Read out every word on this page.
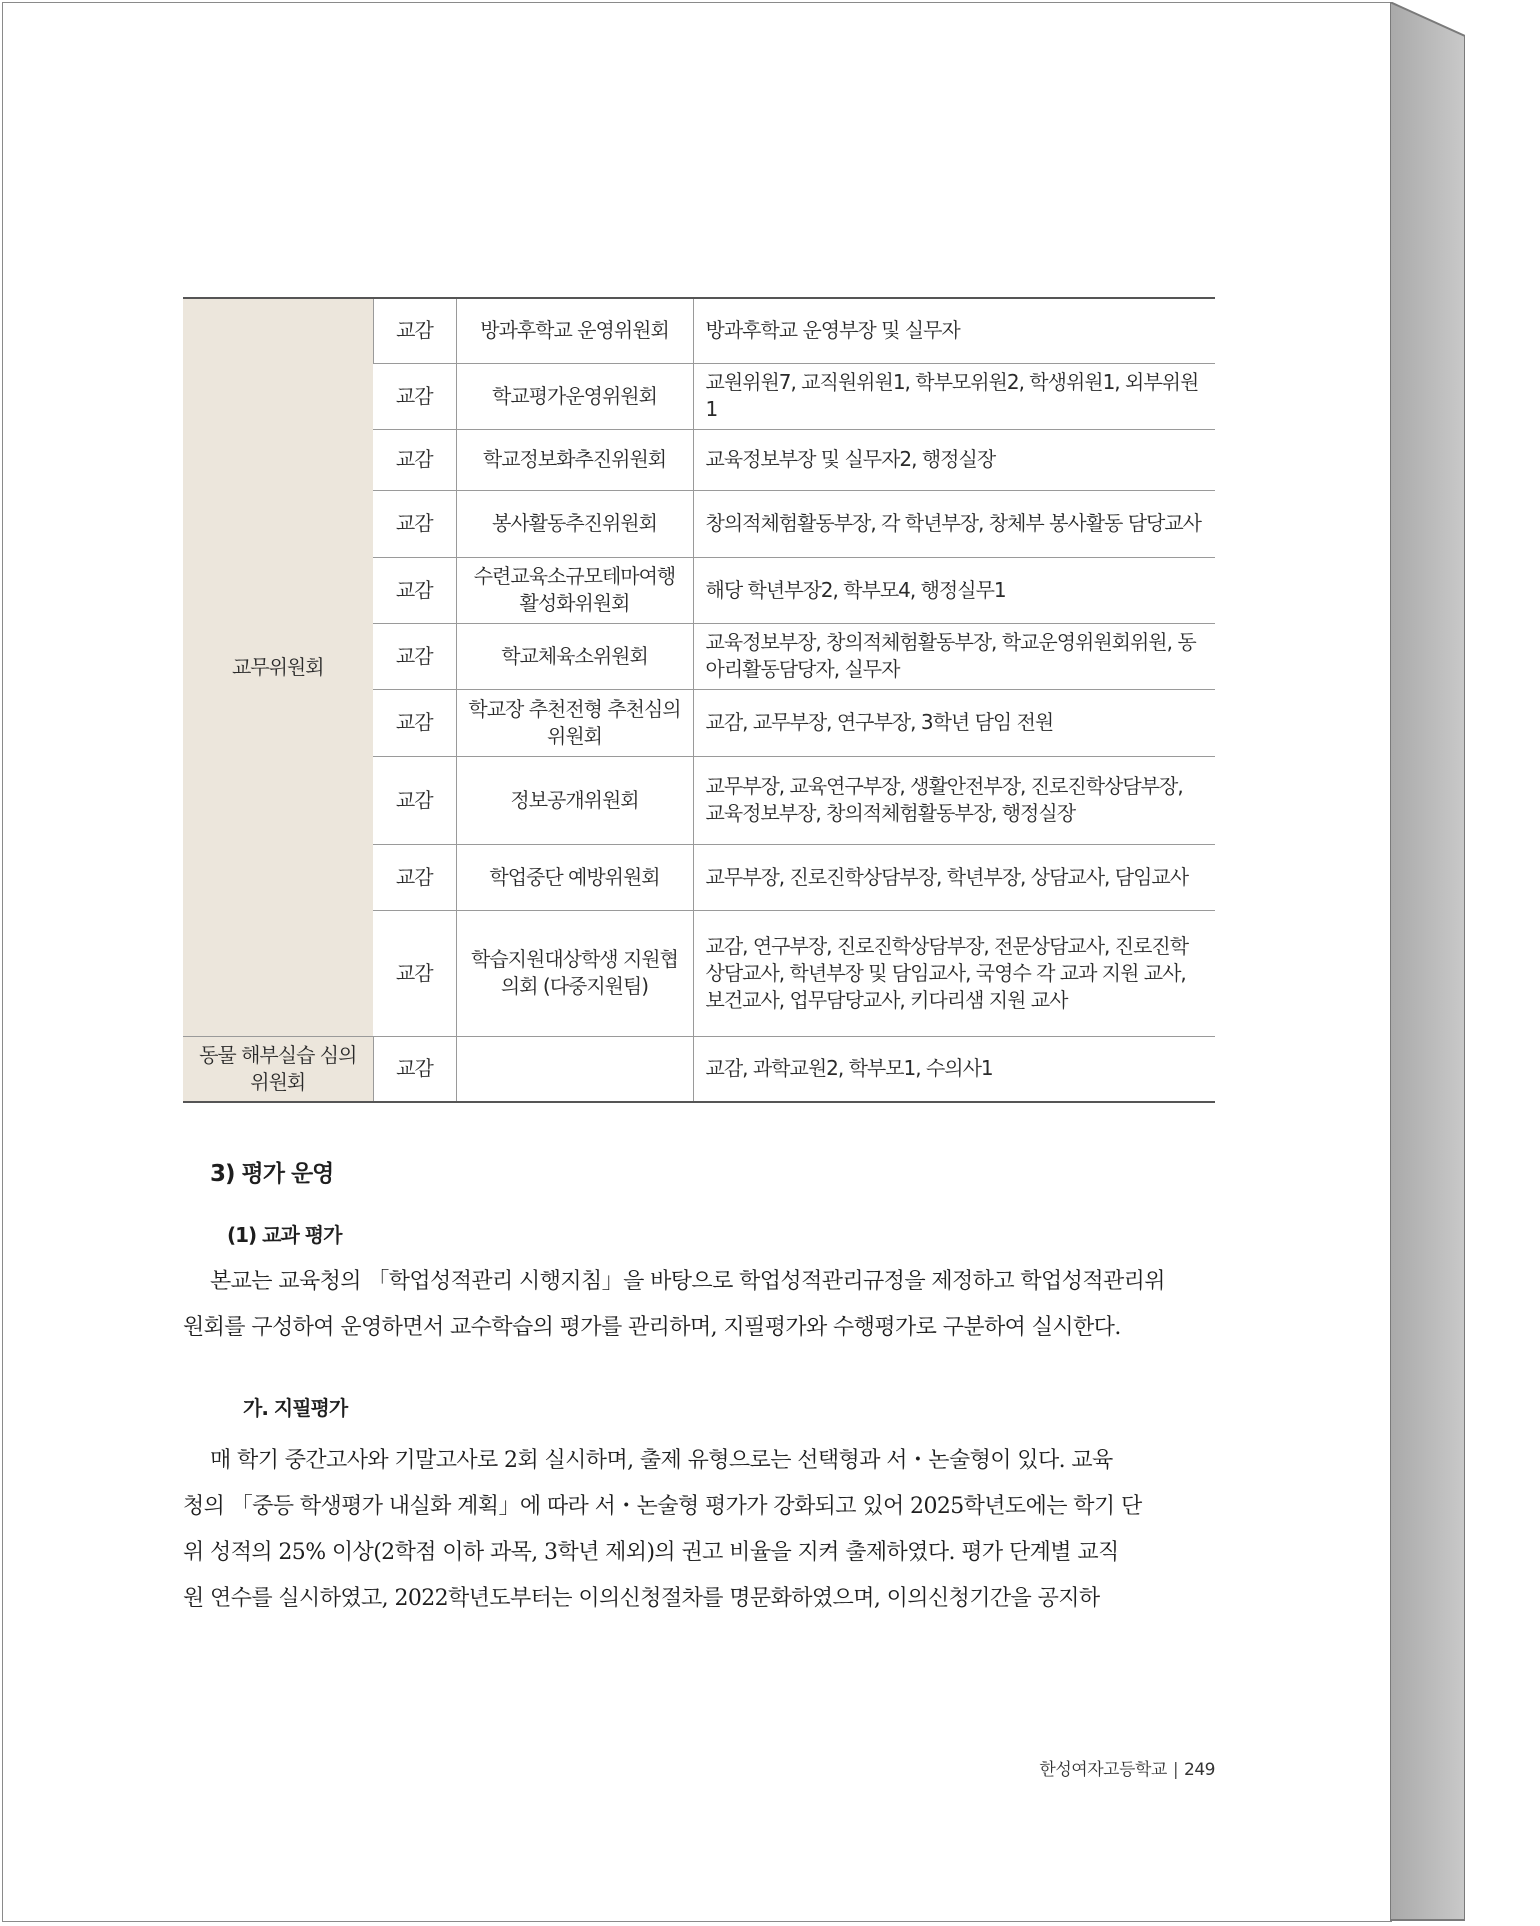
교무위원회	교감	방과후학교 운영위원회	방과후학교 운영부장 및 실무자
	교감	학교평가운영위원회	교원위원7, 교직원위원1, 학부모위원2, 학생위원1, 외부위원1
	교감	학교정보화추진위원회	교육정보부장 및 실무자2, 행정실장
	교감	봉사활동추진위원회	창의적체험활동부장, 각 학년부장, 창체부 봉사활동 담당교사
	교감	수련교육소규모테마여행 활성화위원회	해당 학년부장2, 학부모4, 행정실무1
	교감	학교체육소위원회	교육정보부장, 창의적체험활동부장, 학교운영위원회위원, 동아리활동담당자, 실무자
	교감	학교장 추천전형 추천심의 위원회	교감, 교무부장, 연구부장, 3학년 담임 전원
	교감	정보공개위원회	교무부장, 교육연구부장, 생활안전부장, 진로진학상담부장, 교육정보부장, 창의적체험활동부장, 행정실장
	교감	학업중단 예방위원회	교무부장, 진로진학상담부장, 학년부장, 상담교사, 담임교사
	교감	학습지원대상학생 지원협의회 (다중지원팀)	교감, 연구부장, 진로진학상담부장, 전문상담교사, 진로진학상담교사, 학년부장 및 담임교사, 국영수 각 교과 지원 교사, 보건교사, 업무담당교사, 키다리샘 지원 교사
동물 해부실습 심의위원회	교감		교감, 과학교원2, 학부모1, 수의사1
3) 평가 운영
(1) 교과 평가

본교는 교육청의 「학업성적관리 시행지침」을 바탕으로 학업성적관리규정을 제정하고 학업성적관리위
원회를 구성하여 운영하면서 교수학습의 평가를 관리하며, 지필평가와 수행평가로 구분하여 실시한다.

가. 지필평가

매 학기 중간고사와 기말고사로 2회 실시하며, 출제 유형으로는 선택형과 서・논술형이 있다. 교육
청의 「중등 학생평가 내실화 계획」에 따라 서・논술형 평가가 강화되고 있어 2025학년도에는 학기 단
위 성적의 25% 이상(2학점 이하 과목, 3학년 제외)의 권고 비율을 지켜 출제하였다. 평가 단계별 교직
원 연수를 실시하였고, 2022학년도부터는 이의신청절차를 명문화하였으며, 이의신청기간을 공지하

한성여자고등학교 | 249
